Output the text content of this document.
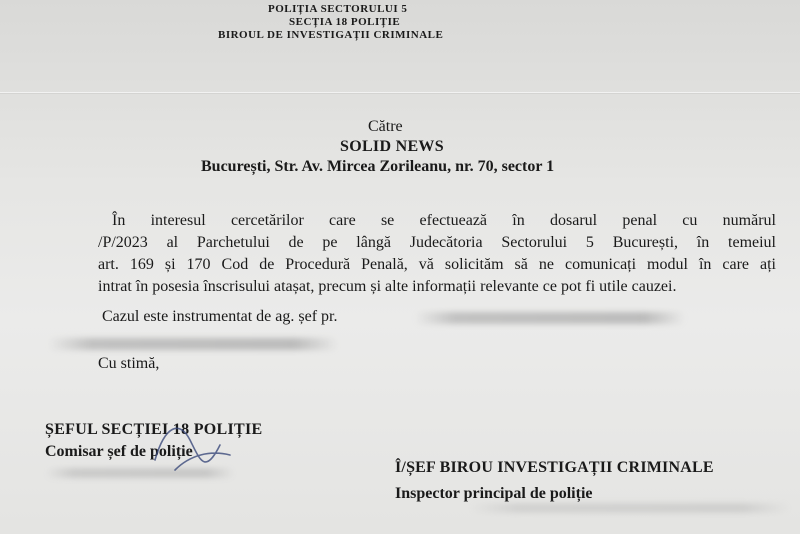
POLIȚIA SECTORULUI 5
SECȚIA 18 POLIȚIE
BIROUL DE INVESTIGAȚII CRIMINALE
Către
SOLID NEWS
București, Str. Av. Mircea Zorileanu, nr. 70, sector 1
În interesul cercetărilor care se efectuează în dosarul penal cu numărul
/P/2023 al Parchetului de pe lângă Judecătoria Sectorului 5 București, în temeiul
art. 169 și 170 Cod de Procedură Penală, vă solicităm să ne comunicați modul în care ați
intrat în posesia înscrisului atașat, precum și alte informații relevante ce pot fi utile cauzei.
Cazul este instrumentat de ag. șef pr.
Cu stimă,
ȘEFUL SECȚIEI 18 POLIȚIE
Comisar șef de poliție
Î/ȘEF BIROU INVESTIGAȚII CRIMINALE
Inspector principal de poliție
